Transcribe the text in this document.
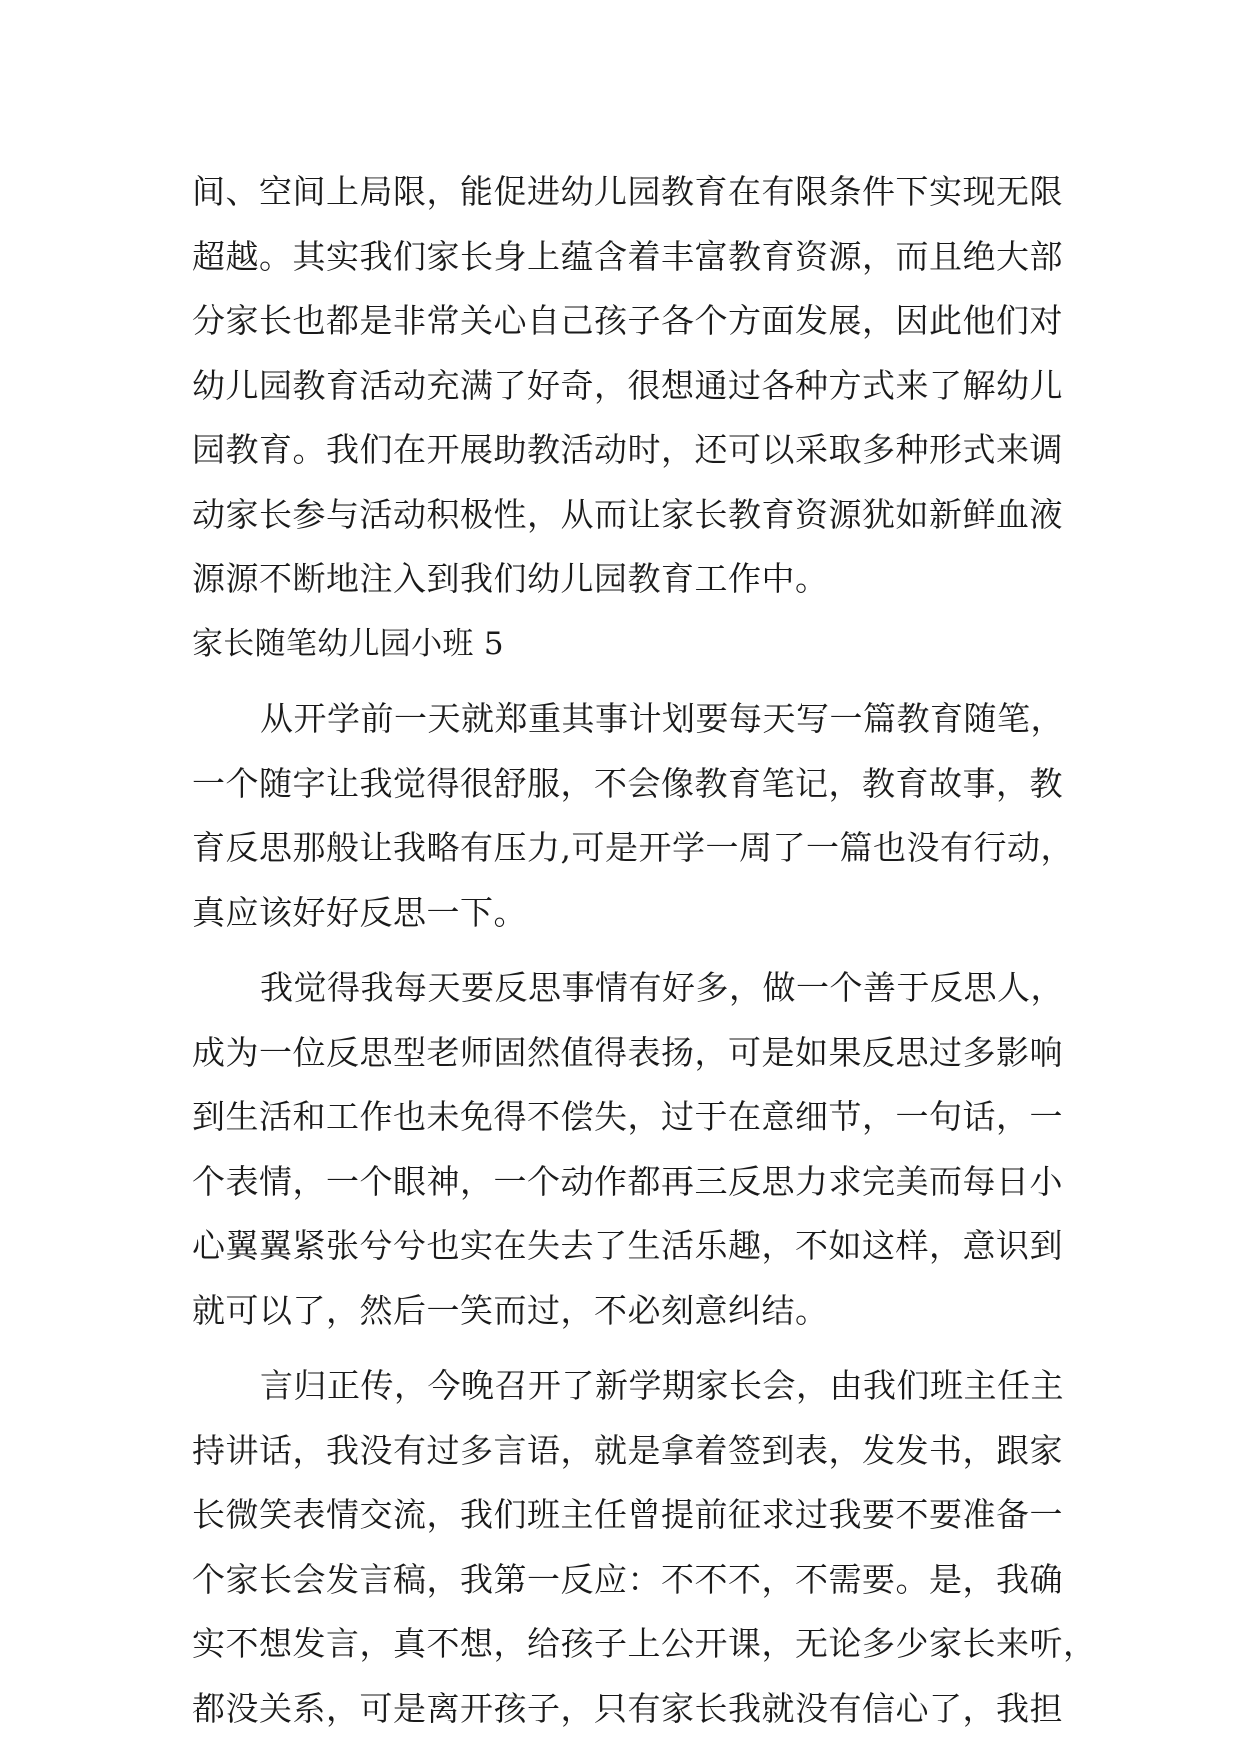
间、空间上局限，能促进幼儿园教育在有限条件下实现无限
超越。其实我们家长身上蕴含着丰富教育资源，而且绝大部
分家长也都是非常关心自己孩子各个方面发展，因此他们对
幼儿园教育活动充满了好奇，很想通过各种方式来了解幼儿
园教育。我们在开展助教活动时，还可以采取多种形式来调
动家长参与活动积极性，从而让家长教育资源犹如新鲜血液
源源不断地注入到我们幼儿园教育工作中。
家长随笔幼儿园小班 5
从开学前一天就郑重其事计划要每天写一篇教育随笔，
一个随字让我觉得很舒服，不会像教育笔记，教育故事，教
育反思那般让我略有压力,可是开学一周了一篇也没有行动，
真应该好好反思一下。
我觉得我每天要反思事情有好多，做一个善于反思人，
成为一位反思型老师固然值得表扬，可是如果反思过多影响
到生活和工作也未免得不偿失，过于在意细节，一句话，一
个表情，一个眼神，一个动作都再三反思力求完美而每日小
心翼翼紧张兮兮也实在失去了生活乐趣，不如这样，意识到
就可以了，然后一笑而过，不必刻意纠结。
言归正传，今晚召开了新学期家长会，由我们班主任主
持讲话，我没有过多言语，就是拿着签到表，发发书，跟家
长微笑表情交流，我们班主任曾提前征求过我要不要准备一
个家长会发言稿，我第一反应：不不不，不需要。是，我确
实不想发言，真不想，给孩子上公开课，无论多少家长来听，
都没关系，可是离开孩子，只有家长我就没有信心了，我担
